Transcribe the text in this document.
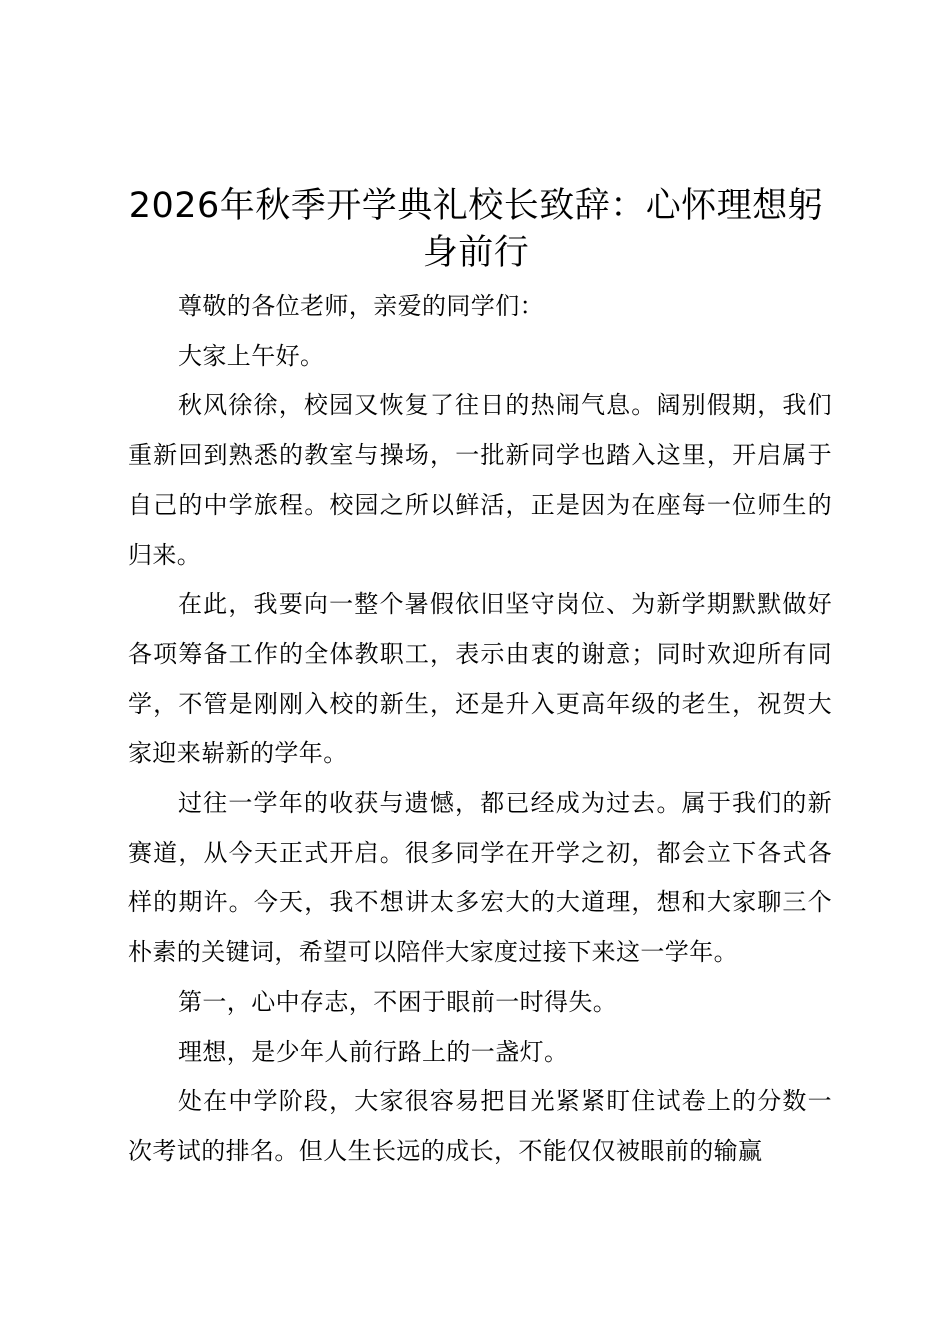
2026年秋季开学典礼校长致辞：心怀理想躬身前行

尊敬的各位老师，亲爱的同学们：

大家上午好。

秋风徐徐，校园又恢复了往日的热闹气息。阔别假期，我们重新回到熟悉的教室与操场，一批新同学也踏入这里，开启属于自己的中学旅程。校园之所以鲜活，正是因为在座每一位师生的归来。

在此，我要向一整个暑假依旧坚守岗位、为新学期默默做好各项筹备工作的全体教职工，表示由衷的谢意；同时欢迎所有同学，不管是刚刚入校的新生，还是升入更高年级的老生，祝贺大家迎来崭新的学年。

过往一学年的收获与遗憾，都已经成为过去。属于我们的新赛道，从今天正式开启。很多同学在开学之初，都会立下各式各样的期许。今天，我不想讲太多宏大的大道理，想和大家聊三个朴素的关键词，希望可以陪伴大家度过接下来这一学年。

第一，心中存志，不困于眼前一时得失。

理想，是少年人前行路上的一盏灯。

处在中学阶段，大家很容易把目光紧紧盯住试卷上的分数一次考试的排名。但人生长远的成长，不能仅仅被眼前的输赢
